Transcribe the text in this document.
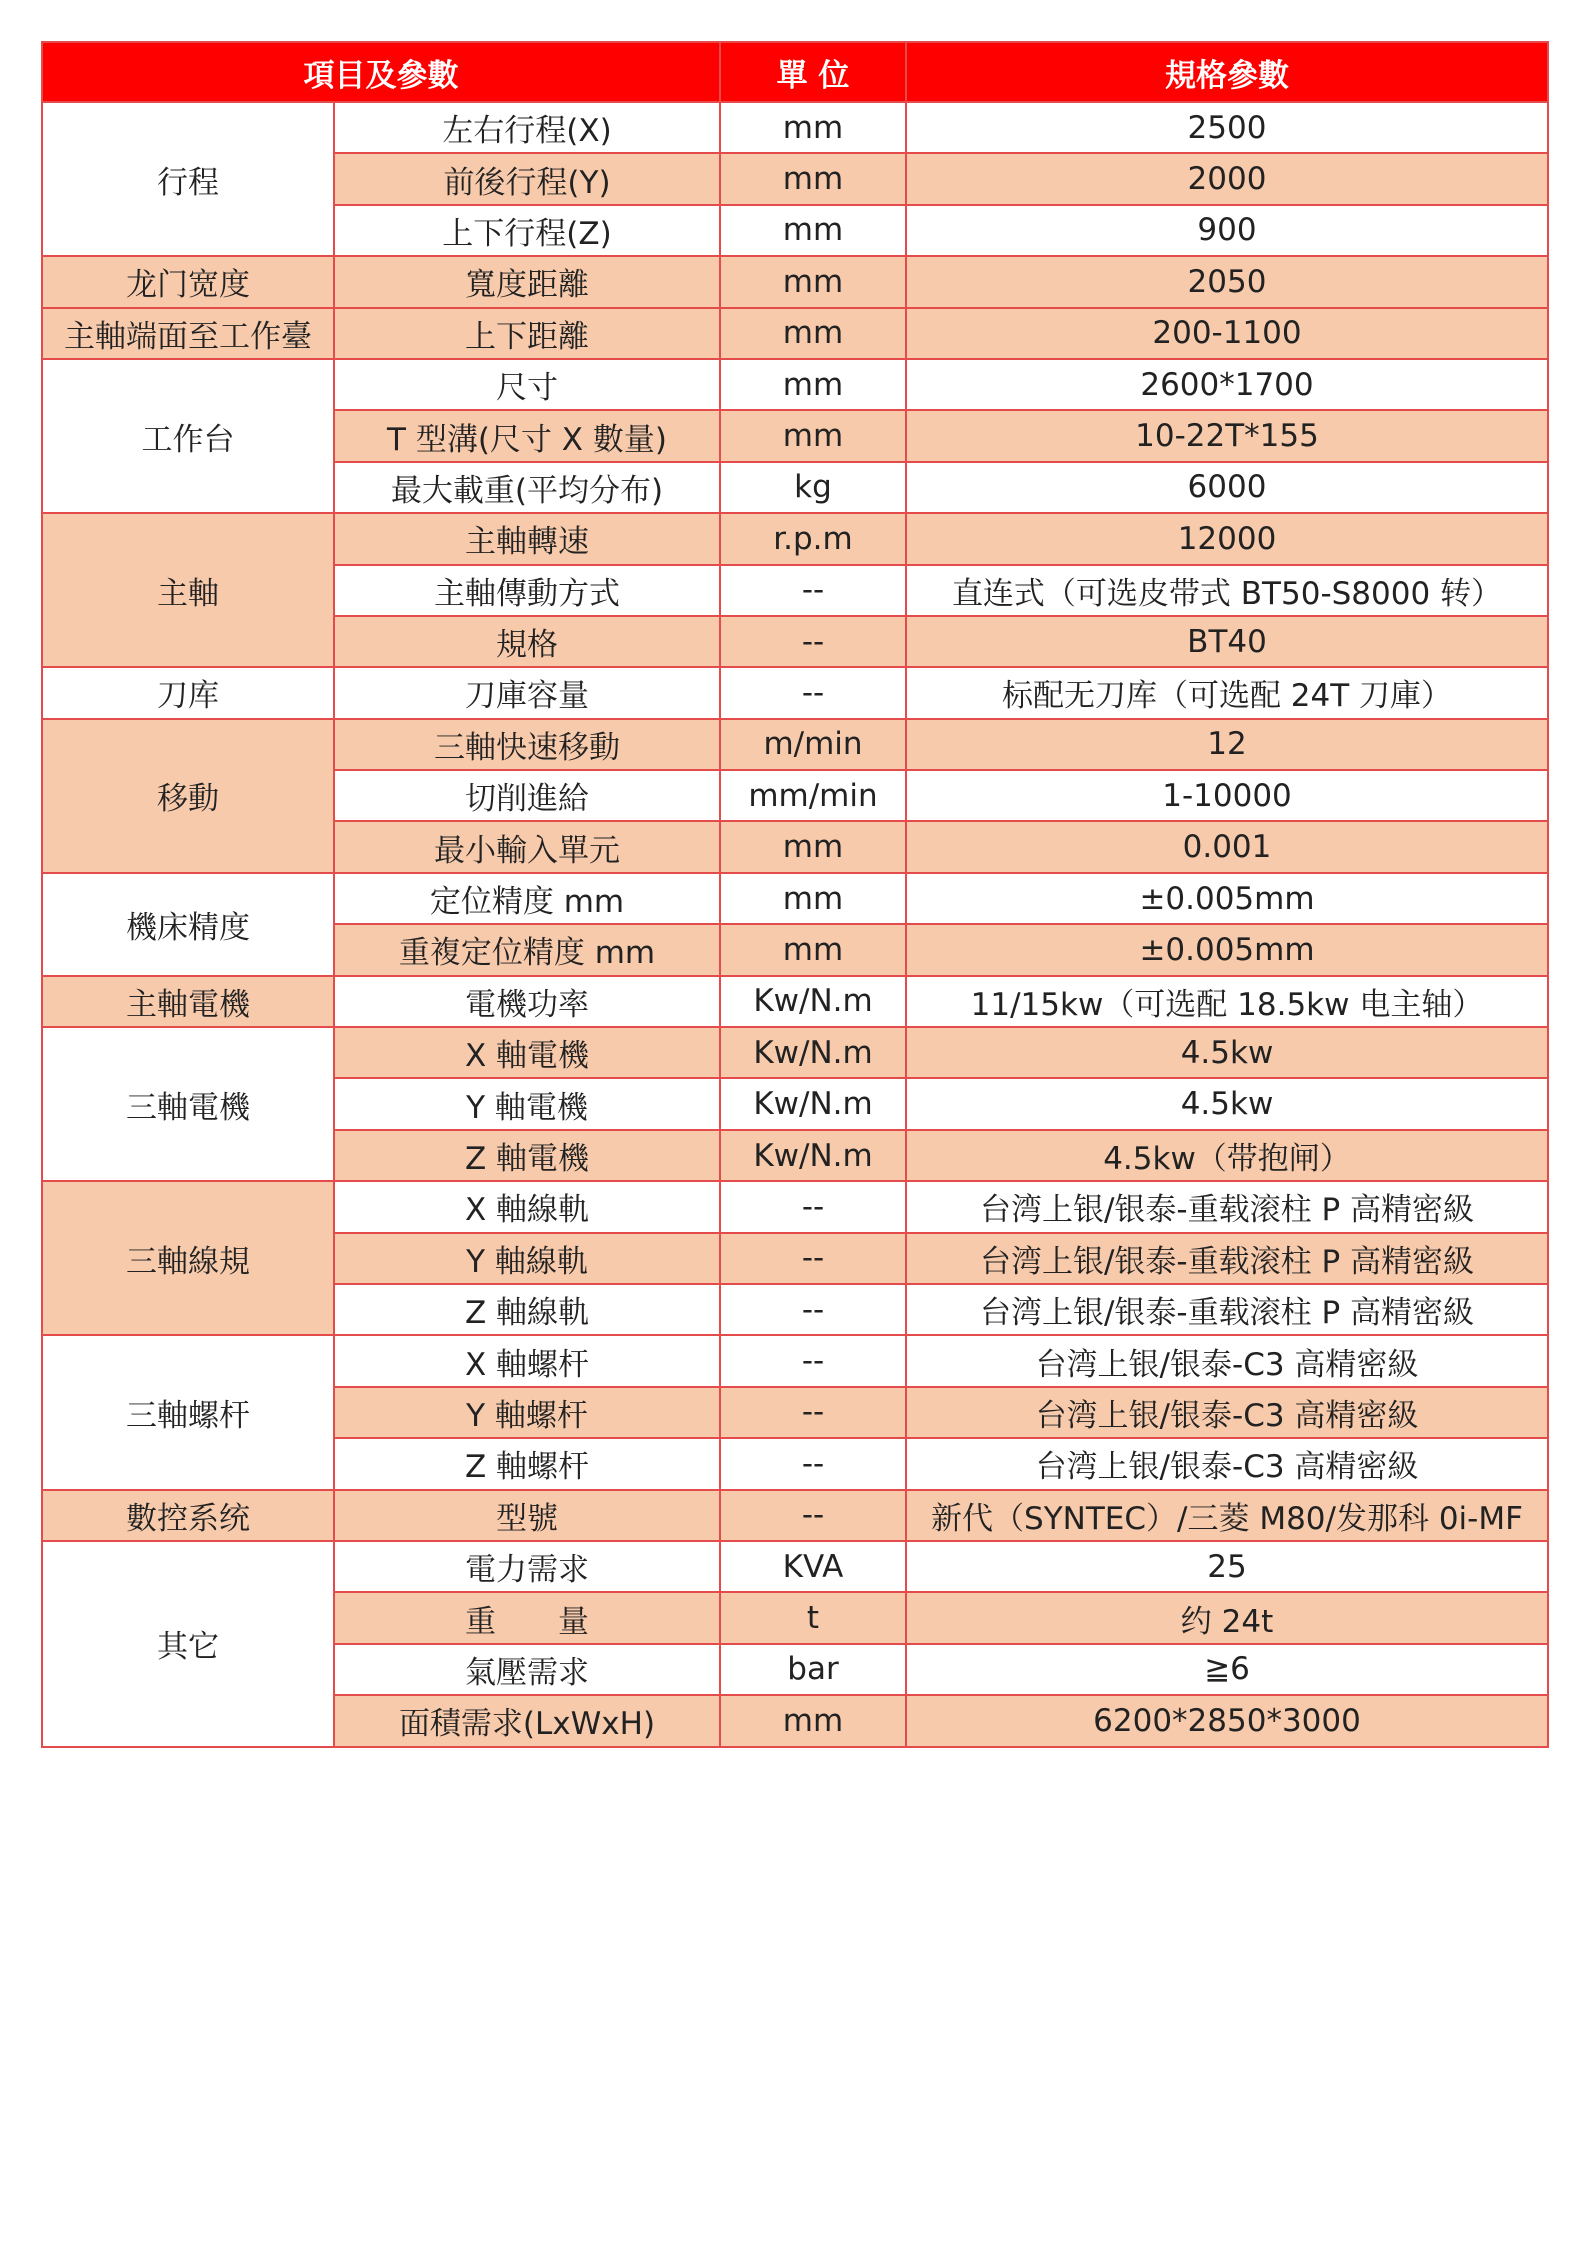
項目及參數		單 位	規格參數
行程	左右行程(X)	mm	2500
	前後行程(Y)	mm	2000
	上下行程(Z)	mm	900
龙门宽度	寬度距離	mm	2050
主軸端面至工作臺	上下距離	mm	200-1100
工作台	尺寸	mm	2600*1700
	T 型溝(尺寸 X 數量)	mm	10-22T*155
	最大載重(平均分布)	kg	6000
主軸	主軸轉速	r.p.m	12000
	主軸傳動方式	--	直连式（可选皮带式 BT50-S8000 转）
	規格	--	BT40
刀库	刀庫容量	--	标配无刀库（可选配 24T 刀庫）
移動	三軸快速移動	m/min	12
	切削進給	mm/min	1-10000
	最小輸入單元	mm	0.001
機床精度	定位精度 mm	mm	±0.005mm
	重複定位精度 mm	mm	±0.005mm
主軸電機	電機功率	Kw/N.m	11/15kw（可选配 18.5kw 电主轴）
三軸電機	X 軸電機	Kw/N.m	4.5kw
	Y 軸電機	Kw/N.m	4.5kw
	Z 軸電機	Kw/N.m	4.5kw（带抱闸）
三軸線規	X 軸線軌	--	台湾上银/银泰-重载滚柱 P 高精密級
	Y 軸線軌	--	台湾上银/银泰-重载滚柱 P 高精密級
	Z 軸線軌	--	台湾上银/银泰-重载滚柱 P 高精密級
三軸螺杆	X 軸螺杆	--	台湾上银/银泰-C3 高精密級
	Y 軸螺杆	--	台湾上银/银泰-C3 高精密級
	Z 軸螺杆	--	台湾上银/银泰-C3 高精密級
數控系统	型號	--	新代（SYNTEC）/三菱 M80/发那科 0i-MF
其它	電力需求	KVA	25
	重　　量	t	约 24t
	氣壓需求	bar	≧6
	面積需求(LxWxH)	mm	6200*2850*3000
